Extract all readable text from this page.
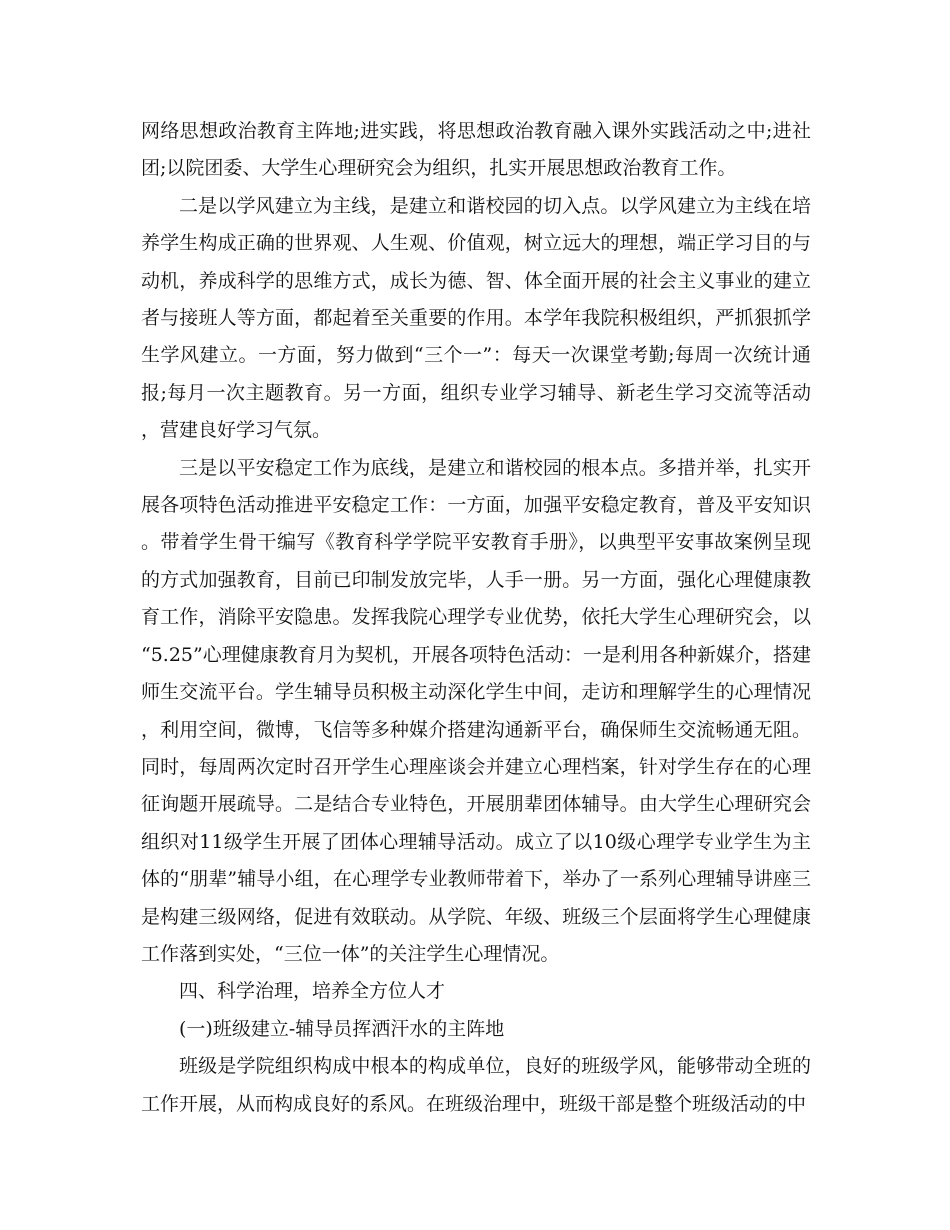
网络思想政治教育主阵地;进实践，将思想政治教育融入课外实践活动之中;进社团;以院团委、大学生心理研究会为组织，扎实开展思想政治教育工作。

二是以学风建立为主线，是建立和谐校园的切入点。以学风建立为主线在培养学生构成正确的世界观、人生观、价值观，树立远大的理想，端正学习目的与动机，养成科学的思维方式，成长为德、智、体全面开展的社会主义事业的建立者与接班人等方面，都起着至关重要的作用。本学年我院积极组织，严抓狠抓学生学风建立。一方面，努力做到“三个一”：每天一次课堂考勤;每周一次统计通报;每月一次主题教育。另一方面，组织专业学习辅导、新老生学习交流等活动，营建良好学习气氛。

三是以平安稳定工作为底线，是建立和谐校园的根本点。多措并举，扎实开展各项特色活动推进平安稳定工作：一方面，加强平安稳定教育，普及平安知识。带着学生骨干编写《教育科学学院平安教育手册》，以典型平安事故案例呈现的方式加强教育，目前已印制发放完毕，人手一册。另一方面，强化心理健康教育工作，消除平安隐患。发挥我院心理学专业优势，依托大学生心理研究会，以“5.25”心理健康教育月为契机，开展各项特色活动：一是利用各种新媒介，搭建师生交流平台。学生辅导员积极主动深化学生中间，走访和理解学生的心理情况，利用空间，微博，飞信等多种媒介搭建沟通新平台，确保师生交流畅通无阻。同时，每周两次定时召开学生心理座谈会并建立心理档案，针对学生存在的心理征询题开展疏导。二是结合专业特色，开展朋辈团体辅导。由大学生心理研究会组织对11级学生开展了团体心理辅导活动。成立了以10级心理学专业学生为主体的“朋辈”辅导小组，在心理学专业教师带着下，举办了一系列心理辅导讲座三是构建三级网络，促进有效联动。从学院、年级、班级三个层面将学生心理健康工作落到实处，“三位一体”的关注学生心理情况。

四、科学治理，培养全方位人才

(一)班级建立-辅导员挥洒汗水的主阵地

班级是学院组织构成中根本的构成单位，良好的班级学风，能够带动全班的工作开展，从而构成良好的系风。在班级治理中，班级干部是整个班级活动的中
